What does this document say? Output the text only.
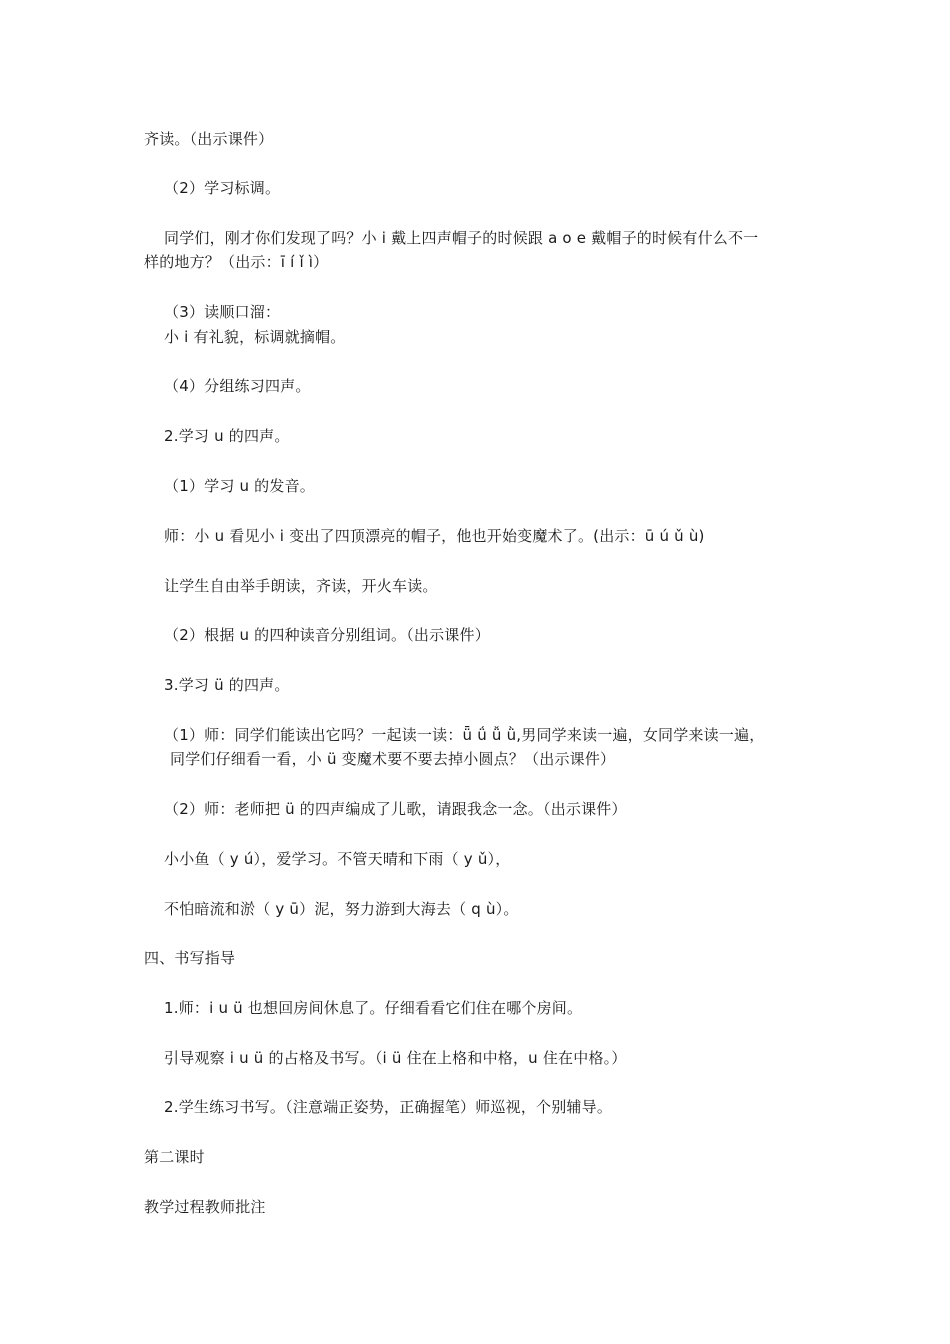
齐读。（出示课件）
（2）学习标调。
同学们，刚才你们发现了吗？小 i 戴上四声帽子的时候跟 a o e 戴帽子的时候有什么不一
样的地方？（出示：ī í ǐ ì）
（3）读顺口溜：
小 i 有礼貌，标调就摘帽。
（4）分组练习四声。
2.学习 u 的四声。
（1）学习 u 的发音。
师：小 u 看见小 i 变出了四顶漂亮的帽子，他也开始变魔术了。(出示：ū ú ǔ ù)
让学生自由举手朗读，齐读，开火车读。
（2）根据 u 的四种读音分别组词。（出示课件）
3.学习 ü 的四声。
（1）师：同学们能读出它吗？一起读一读：ǖ ǘ ǚ ǜ,男同学来读一遍，女同学来读一遍，
同学们仔细看一看，小 ü 变魔术要不要去掉小圆点？（出示课件）
（2）师：老师把 ü 的四声编成了儿歌，请跟我念一念。（出示课件）
小小鱼（ y ú），爱学习。不管天晴和下雨（ y ǔ），
不怕暗流和淤（ y ū）泥，努力游到大海去（ q ù）。
四、书写指导
1.师：i u ü 也想回房间休息了。仔细看看它们住在哪个房间。
引导观察 i u ü 的占格及书写。（i ü 住在上格和中格，u 住在中格。）
2.学生练习书写。（注意端正姿势，正确握笔）师巡视，个别辅导。
第二课时
教学过程教师批注
